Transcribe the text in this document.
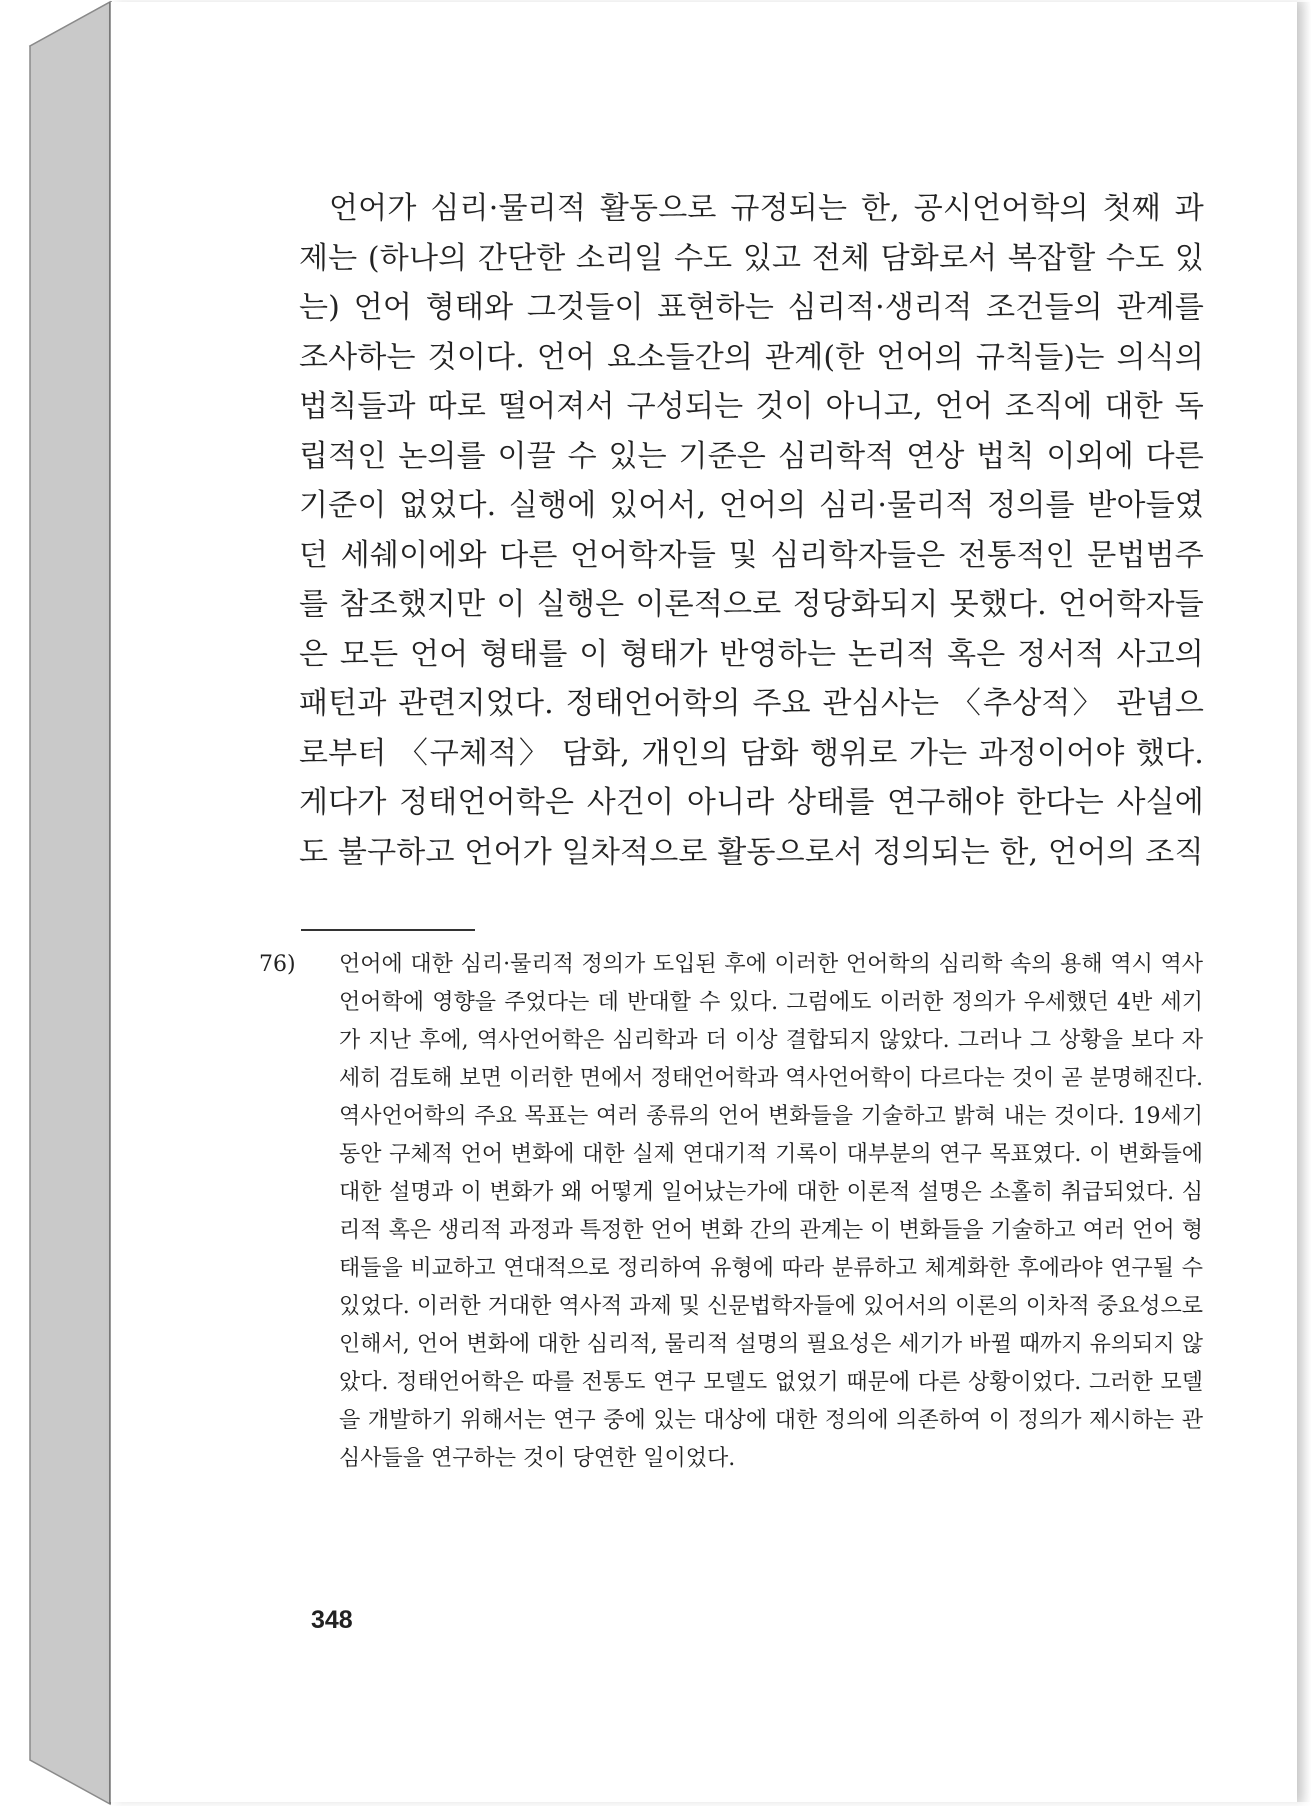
언어가 심리·물리적 활동으로 규정되는 한, 공시언어학의 첫째 과제는 (하나의 간단한 소리일 수도 있고 전체 담화로서 복잡할 수도 있는) 언어 형태와 그것들이 표현하는 심리적·생리적 조건들의 관계를 조사하는 것이다. 언어 요소들간의 관계(한 언어의 규칙들)는 의식의 법칙들과 따로 떨어져서 구성되는 것이 아니고, 언어 조직에 대한 독립적인 논의를 이끌 수 있는 기준은 심리학적 연상 법칙 이외에 다른 기준이 없었다. 실행에 있어서, 언어의 심리·물리적 정의를 받아들였던 세쉐이에와 다른 언어학자들 및 심리학자들은 전통적인 문법범주를 참조했지만 이 실행은 이론적으로 정당화되지 못했다. 언어학자들은 모든 언어 형태를 이 형태가 반영하는 논리적 혹은 정서적 사고의 패턴과 관련지었다. 정태언어학의 주요 관심사는 〈추상적〉 관념으로부터 〈구체적〉 담화, 개인의 담화 행위로 가는 과정이어야 했다. 게다가 정태언어학은 사건이 아니라 상태를 연구해야 한다는 사실에도 불구하고 언어가 일차적으로 활동으로서 정의되는 한, 언어의 조직

76) 언어에 대한 심리·물리적 정의가 도입된 후에 이러한 언어학의 심리학 속의 용해 역시 역사언어학에 영향을 주었다는 데 반대할 수 있다. 그럼에도 이러한 정의가 우세했던 4반 세기가 지난 후에, 역사언어학은 심리학과 더 이상 결합되지 않았다. 그러나 그 상황을 보다 자세히 검토해 보면 이러한 면에서 정태언어학과 역사언어학이 다르다는 것이 곧 분명해진다. 역사언어학의 주요 목표는 여러 종류의 언어 변화들을 기술하고 밝혀 내는 것이다. 19세기 동안 구체적 언어 변화에 대한 실제 연대기적 기록이 대부분의 연구 목표였다. 이 변화들에 대한 설명과 이 변화가 왜 어떻게 일어났는가에 대한 이론적 설명은 소홀히 취급되었다. 심리적 혹은 생리적 과정과 특정한 언어 변화 간의 관계는 이 변화들을 기술하고 여러 언어 형태들을 비교하고 연대적으로 정리하여 유형에 따라 분류하고 체계화한 후에라야 연구될 수 있었다. 이러한 거대한 역사적 과제 및 신문법학자들에 있어서의 이론의 이차적 중요성으로 인해서, 언어 변화에 대한 심리적, 물리적 설명의 필요성은 세기가 바뀔 때까지 유의되지 않았다. 정태언어학은 따를 전통도 연구 모델도 없었기 때문에 다른 상황이었다. 그러한 모델을 개발하기 위해서는 연구 중에 있는 대상에 대한 정의에 의존하여 이 정의가 제시하는 관심사들을 연구하는 것이 당연한 일이었다.
348
